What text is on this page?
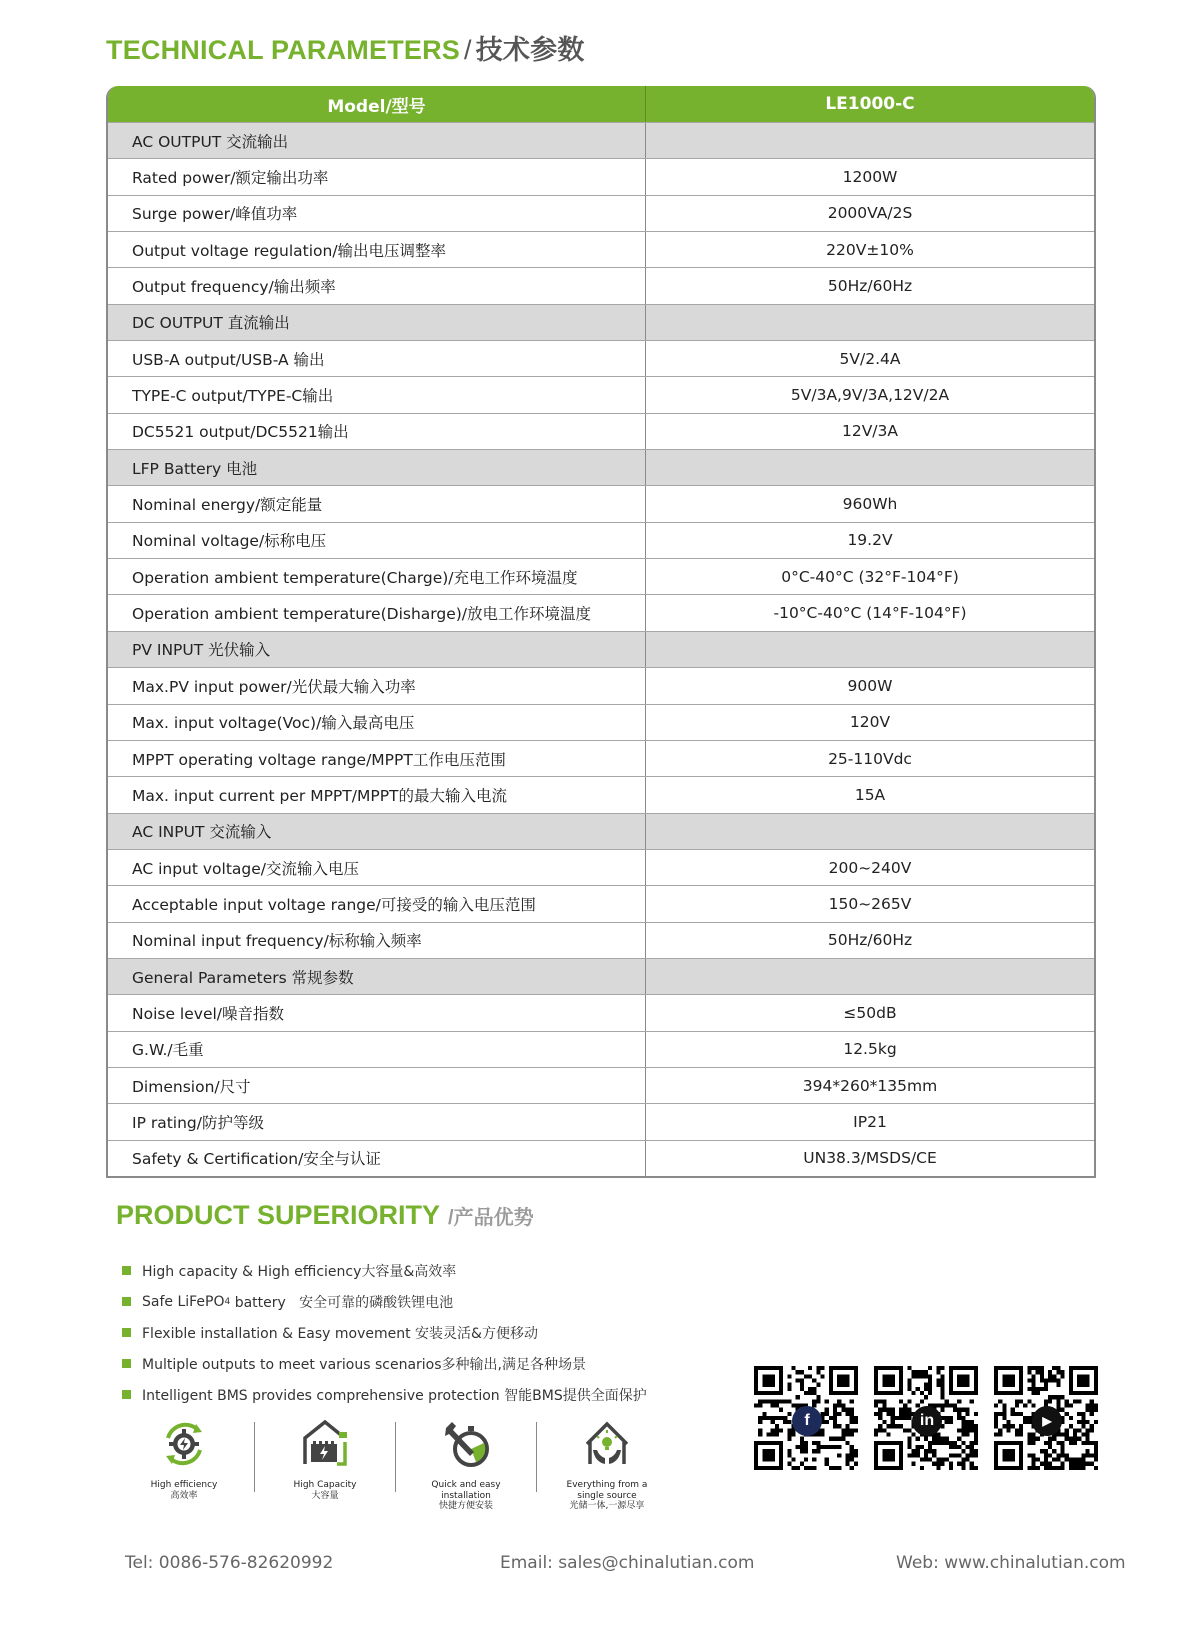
TECHNICAL PARAMETERS / 技术参数
Model/型号	LE1000-C
AC OUTPUT 交流输出
Rated power/额定输出功率	1200W
Surge power/峰值功率	2000VA/2S
Output voltage regulation/输出电压调整率	220V±10%
Output frequency/输出频率	50Hz/60Hz
DC OUTPUT 直流输出
USB-A output/USB-A 输出	5V/2.4A
TYPE-C output/TYPE-C输出	5V/3A,9V/3A,12V/2A
DC5521 output/DC5521输出	12V/3A
LFP Battery 电池
Nominal energy/额定能量	960Wh
Nominal voltage/标称电压	19.2V
Operation ambient temperature(Charge)/充电工作环境温度	0°C-40°C (32°F-104°F)
Operation ambient temperature(Disharge)/放电工作环境温度	-10°C-40°C (14°F-104°F)
PV INPUT 光伏输入
Max.PV input power/光伏最大输入功率	900W
Max. input voltage(Voc)/输入最高电压	120V
MPPT operating voltage range/MPPT工作电压范围	25-110Vdc
Max. input current per MPPT/MPPT的最大输入电流	15A
AC INPUT 交流输入
AC input voltage/交流输入电压	200~240V
Acceptable input voltage range/可接受的输入电压范围	150~265V
Nominal input frequency/标称输入频率	50Hz/60Hz
General Parameters 常规参数
Noise level/噪音指数	≤50dB
G.W./毛重	12.5kg
Dimension/尺寸	394*260*135mm
IP rating/防护等级	IP21
Safety & Certification/安全与认证	UN38.3/MSDS/CE
PRODUCT SUPERIORITY /产品优势
High capacity & High efficiency大容量&高效率
Safe LiFePO 4 battery   安全可靠的磷酸铁锂电池
Flexible installation & Easy movement 安装灵活&方便移动
Multiple outputs to meet various scenarios多种输出,满足各种场景
Intelligent BMS provides comprehensive protection 智能BMS提供全面保护
High efficiency
高效率
High Capacity
大容量
Quick and easy
installation
快捷方便安装
Everything from a
single source
光储一体,一源尽享
f	in	▶
Tel: 0086-576-82620992	Email: sales@chinalutian.com	Web: www.chinalutian.com
